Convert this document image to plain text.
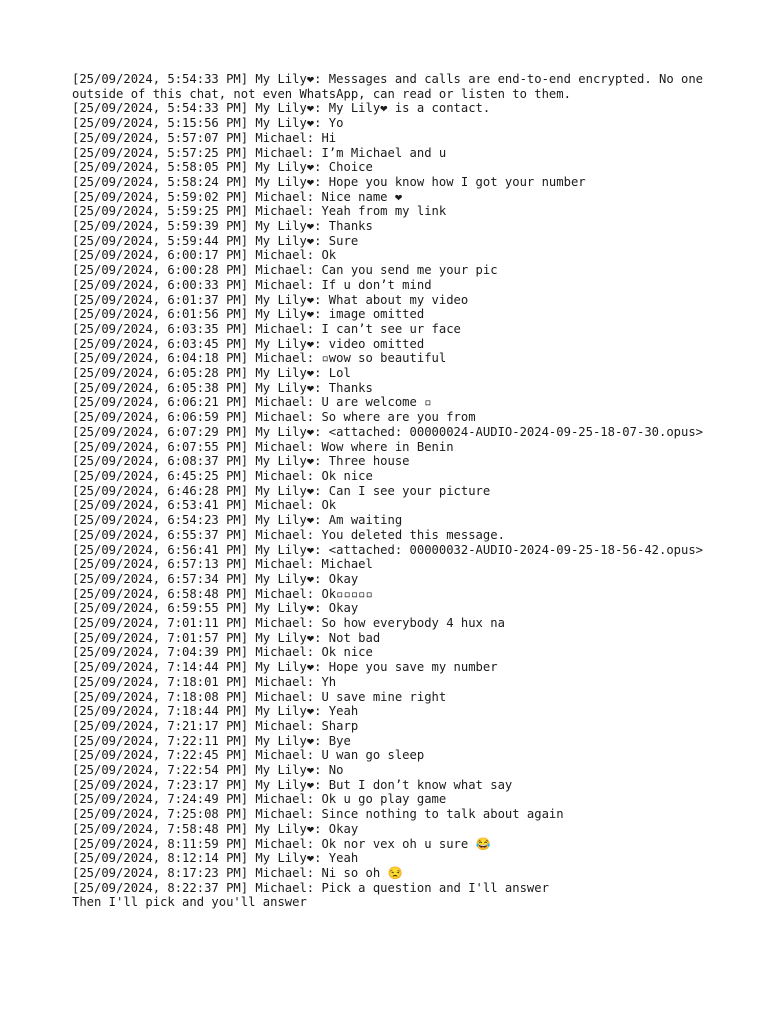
[25/09/2024, 5:54:33 PM] My Lily❤: Messages and calls are end-to-end encrypted. No one outside of this chat, not even WhatsApp, can read or listen to them.
[25/09/2024, 5:54:33 PM] My Lily❤: My Lily❤ is a contact.
[25/09/2024, 5:15:56 PM] My Lily❤: Yo
[25/09/2024, 5:57:07 PM] Michael: Hi
[25/09/2024, 5:57:25 PM] Michael: I’m Michael and u
[25/09/2024, 5:58:05 PM] My Lily❤: Choice
[25/09/2024, 5:58:24 PM] My Lily❤: Hope you know how I got your number
[25/09/2024, 5:59:02 PM] Michael: Nice name ❤
[25/09/2024, 5:59:25 PM] Michael: Yeah from my link
[25/09/2024, 5:59:39 PM] My Lily❤: Thanks
[25/09/2024, 5:59:44 PM] My Lily❤: Sure
[25/09/2024, 6:00:17 PM] Michael: Ok
[25/09/2024, 6:00:28 PM] Michael: Can you send me your pic
[25/09/2024, 6:00:33 PM] Michael: If u don’t mind
[25/09/2024, 6:01:37 PM] My Lily❤: What about my video
[25/09/2024, 6:01:56 PM] My Lily❤: image omitted
[25/09/2024, 6:03:35 PM] Michael: I can’t see ur face
[25/09/2024, 6:03:45 PM] My Lily❤: video omitted
[25/09/2024, 6:04:18 PM] Michael: ▫︎wow so beautiful
[25/09/2024, 6:05:28 PM] My Lily❤: Lol
[25/09/2024, 6:05:38 PM] My Lily❤: Thanks
[25/09/2024, 6:06:21 PM] Michael: U are welcome ▫︎
[25/09/2024, 6:06:59 PM] Michael: So where are you from
[25/09/2024, 6:07:29 PM] My Lily❤: <attached: 00000024-AUDIO-2024-09-25-18-07-30.opus>
[25/09/2024, 6:07:55 PM] Michael: Wow where in Benin
[25/09/2024, 6:08:37 PM] My Lily❤: Three house
[25/09/2024, 6:45:25 PM] Michael: Ok nice
[25/09/2024, 6:46:28 PM] My Lily❤: Can I see your picture
[25/09/2024, 6:53:41 PM] Michael: Ok
[25/09/2024, 6:54:23 PM] My Lily❤: Am waiting
[25/09/2024, 6:55:37 PM] Michael: You deleted this message.
[25/09/2024, 6:56:41 PM] My Lily❤: <attached: 00000032-AUDIO-2024-09-25-18-56-42.opus>
[25/09/2024, 6:57:13 PM] Michael: Michael
[25/09/2024, 6:57:34 PM] My Lily❤: Okay
[25/09/2024, 6:58:48 PM] Michael: Ok▫︎▫︎▫︎▫︎▫︎
[25/09/2024, 6:59:55 PM] My Lily❤: Okay
[25/09/2024, 7:01:11 PM] Michael: So how everybody 4 hux na
[25/09/2024, 7:01:57 PM] My Lily❤: Not bad
[25/09/2024, 7:04:39 PM] Michael: Ok nice
[25/09/2024, 7:14:44 PM] My Lily❤: Hope you save my number
[25/09/2024, 7:18:01 PM] Michael: Yh
[25/09/2024, 7:18:08 PM] Michael: U save mine right
[25/09/2024, 7:18:44 PM] My Lily❤: Yeah
[25/09/2024, 7:21:17 PM] Michael: Sharp
[25/09/2024, 7:22:11 PM] My Lily❤: Bye
[25/09/2024, 7:22:45 PM] Michael: U wan go sleep
[25/09/2024, 7:22:54 PM] My Lily❤: No
[25/09/2024, 7:23:17 PM] My Lily❤: But I don’t know what say
[25/09/2024, 7:24:49 PM] Michael: Ok u go play game
[25/09/2024, 7:25:08 PM] Michael: Since nothing to talk about again
[25/09/2024, 7:58:48 PM] My Lily❤: Okay
[25/09/2024, 8:11:59 PM] Michael: Ok nor vex oh u sure 😂
[25/09/2024, 8:12:14 PM] My Lily❤: Yeah
[25/09/2024, 8:17:23 PM] Michael: Ni so oh 😒
[25/09/2024, 8:22:37 PM] Michael: Pick a question and I'll answer
Then I'll pick and you'll answer
